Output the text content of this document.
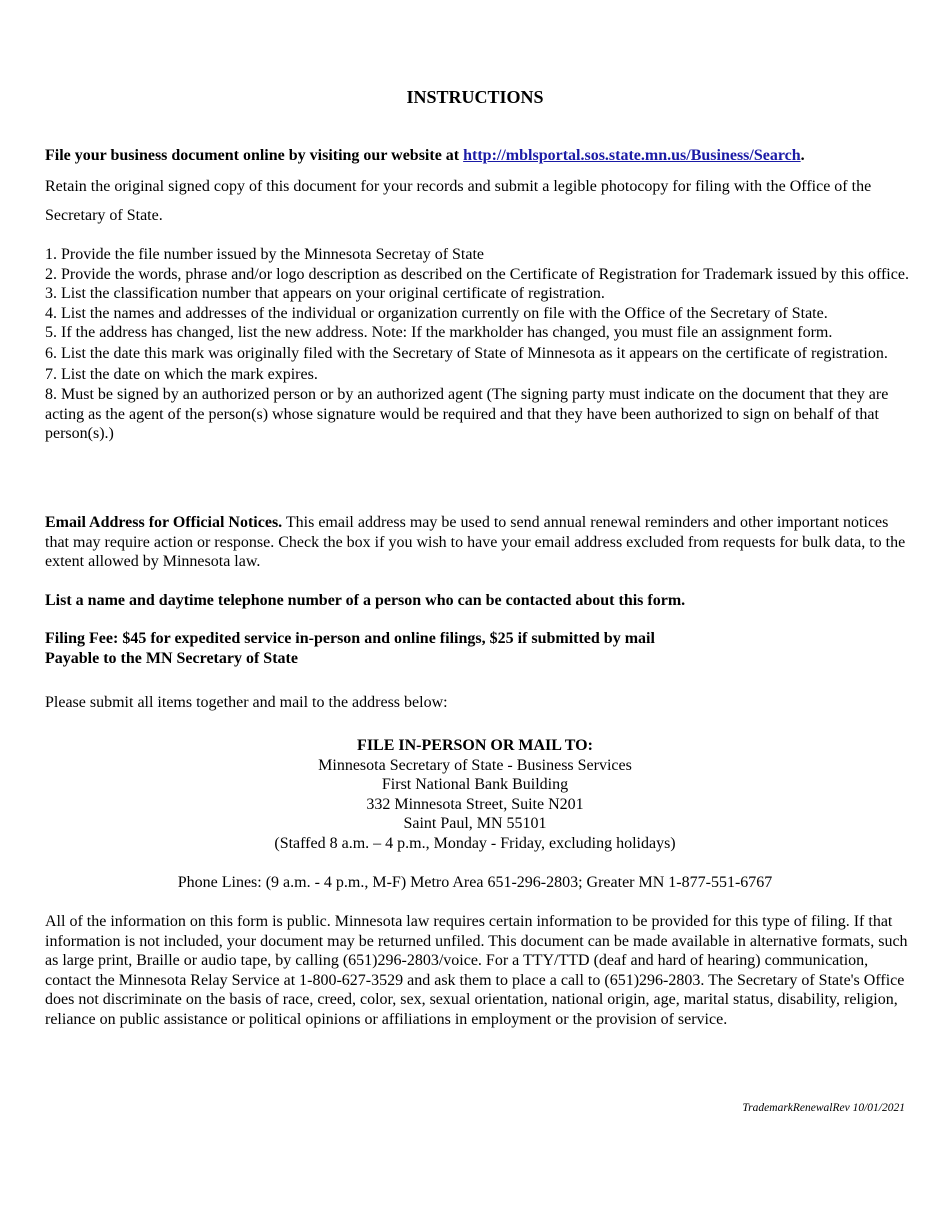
INSTRUCTIONS
File your business document online by visiting our website at http://mblsportal.sos.state.mn.us/Business/Search.
Retain the original signed copy of this document for your records and submit a legible photocopy for filing with the Office of the Secretary of State.
1. Provide the file number issued by the Minnesota Secretay of State
2. Provide the words, phrase and/or logo description as described on the Certificate of Registration for Trademark issued by this office.
3. List the classification number that appears on your original certificate of registration.
4. List the names and addresses of the individual or organization currently on file with the Office of the Secretary of State.
5. If the address has changed, list the new address. Note: If the markholder has changed, you must file an assignment form.
6. List the date this mark was originally filed with the Secretary of State of Minnesota as it appears on the certificate of registration.
7. List the date on which the mark expires.
8. Must be signed by an authorized person or by an authorized agent (The signing party must indicate on the document that they are acting as the agent of the person(s) whose signature would be required and that they have been authorized to sign on behalf of that person(s).)
Email Address for Official Notices. This email address may be used to send annual renewal reminders and other important notices that may require action or response. Check the box if you wish to have your email address excluded from requests for bulk data, to the extent allowed by Minnesota law.
List a name and daytime telephone number of a person who can be contacted about this form.
Filing Fee: $45 for expedited service in-person and online filings, $25 if submitted by mail
Payable to the MN Secretary of State
Please submit all items together and mail to the address below:
FILE IN-PERSON OR MAIL TO:
Minnesota Secretary of State - Business Services
First National Bank Building
332 Minnesota Street, Suite N201
Saint Paul, MN 55101
(Staffed 8 a.m. – 4 p.m., Monday - Friday, excluding holidays)
Phone Lines: (9 a.m. - 4 p.m., M-F) Metro Area 651-296-2803; Greater MN 1-877-551-6767
All of the information on this form is public. Minnesota law requires certain information to be provided for this type of filing. If that information is not included, your document may be returned unfiled. This document can be made available in alternative formats, such as large print, Braille or audio tape, by calling (651)296-2803/voice. For a TTY/TTD (deaf and hard of hearing) communication, contact the Minnesota Relay Service at 1-800-627-3529 and ask them to place a call to (651)296-2803. The Secretary of State's Office does not discriminate on the basis of race, creed, color, sex, sexual orientation, national origin, age, marital status, disability, religion, reliance on public assistance or political opinions or affiliations in employment or the provision of service.
TrademarkRenewalRev 10/01/2021
